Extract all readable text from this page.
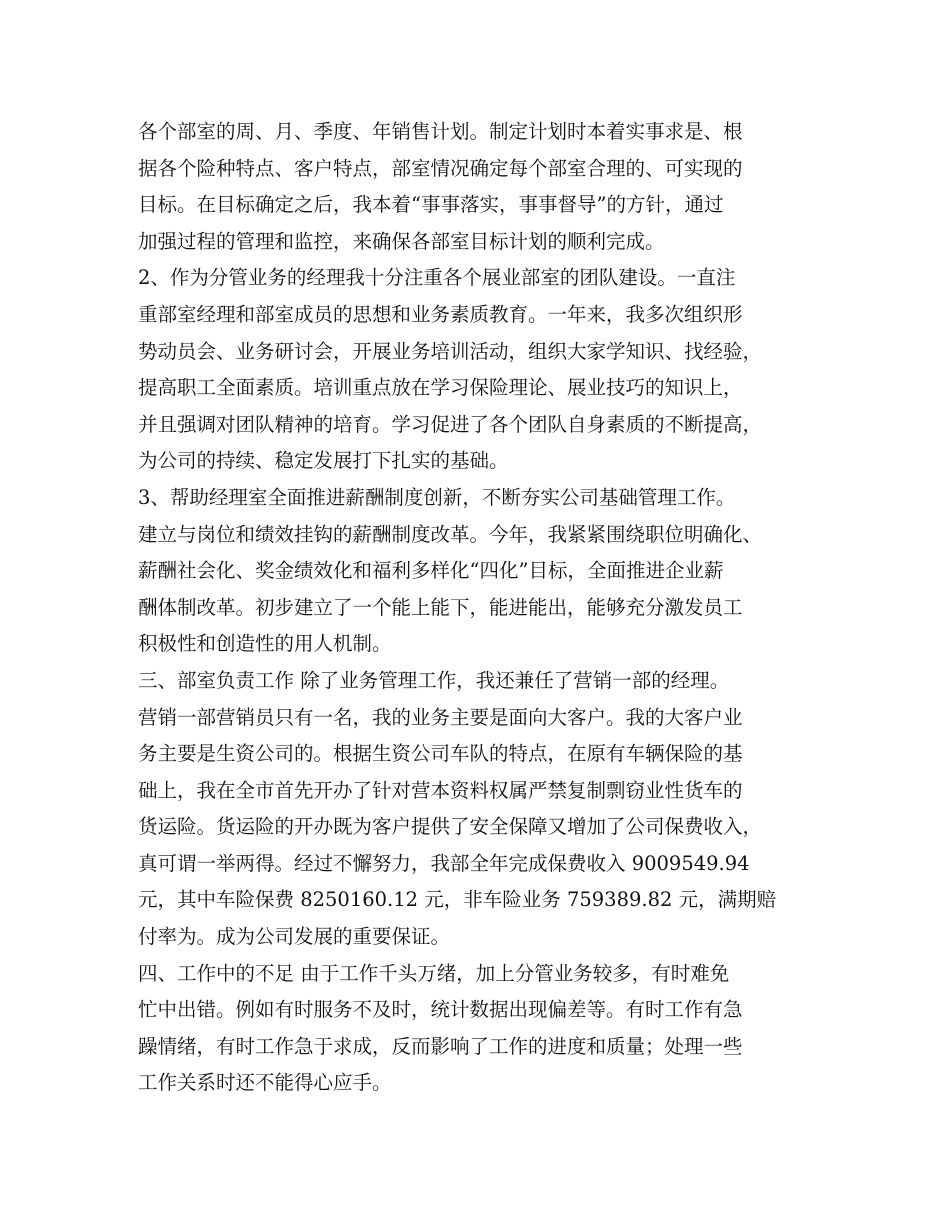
各个部室的周、月、季度、年销售计划。制定计划时本着实事求是、根
据各个险种特点、客户特点，部室情况确定每个部室合理的、可实现的
目标。在目标确定之后，我本着“事事落实，事事督导”的方针，通过
加强过程的管理和监控，来确保各部室目标计划的顺利完成。
2、作为分管业务的经理我十分注重各个展业部室的团队建设。一直注
重部室经理和部室成员的思想和业务素质教育。一年来，我多次组织形
势动员会、业务研讨会，开展业务培训活动，组织大家学知识、找经验，
提高职工全面素质。培训重点放在学习保险理论、展业技巧的知识上，
并且强调对团队精神的培育。学习促进了各个团队自身素质的不断提高，
为公司的持续、稳定发展打下扎实的基础。
3、帮助经理室全面推进薪酬制度创新，不断夯实公司基础管理工作。
建立与岗位和绩效挂钩的薪酬制度改革。今年，我紧紧围绕职位明确化、
薪酬社会化、奖金绩效化和福利多样化“四化”目标，全面推进企业薪
酬体制改革。初步建立了一个能上能下，能进能出，能够充分激发员工
积极性和创造性的用人机制。
三、部室负责工作 除了业务管理工作，我还兼任了营销一部的经理。
营销一部营销员只有一名，我的业务主要是面向大客户。我的大客户业
务主要是生资公司的。根据生资公司车队的特点，在原有车辆保险的基
础上，我在全市首先开办了针对营本资料权属严禁复制剽窃业性货车的
货运险。货运险的开办既为客户提供了安全保障又增加了公司保费收入，
真可谓一举两得。经过不懈努力，我部全年完成保费收入 9009549.94
元，其中车险保费 8250160.12 元，非车险业务 759389.82 元，满期赔
付率为。成为公司发展的重要保证。
四、工作中的不足 由于工作千头万绪，加上分管业务较多，有时难免
忙中出错。例如有时服务不及时，统计数据出现偏差等。有时工作有急
躁情绪，有时工作急于求成，反而影响了工作的进度和质量；处理一些
工作关系时还不能得心应手。
